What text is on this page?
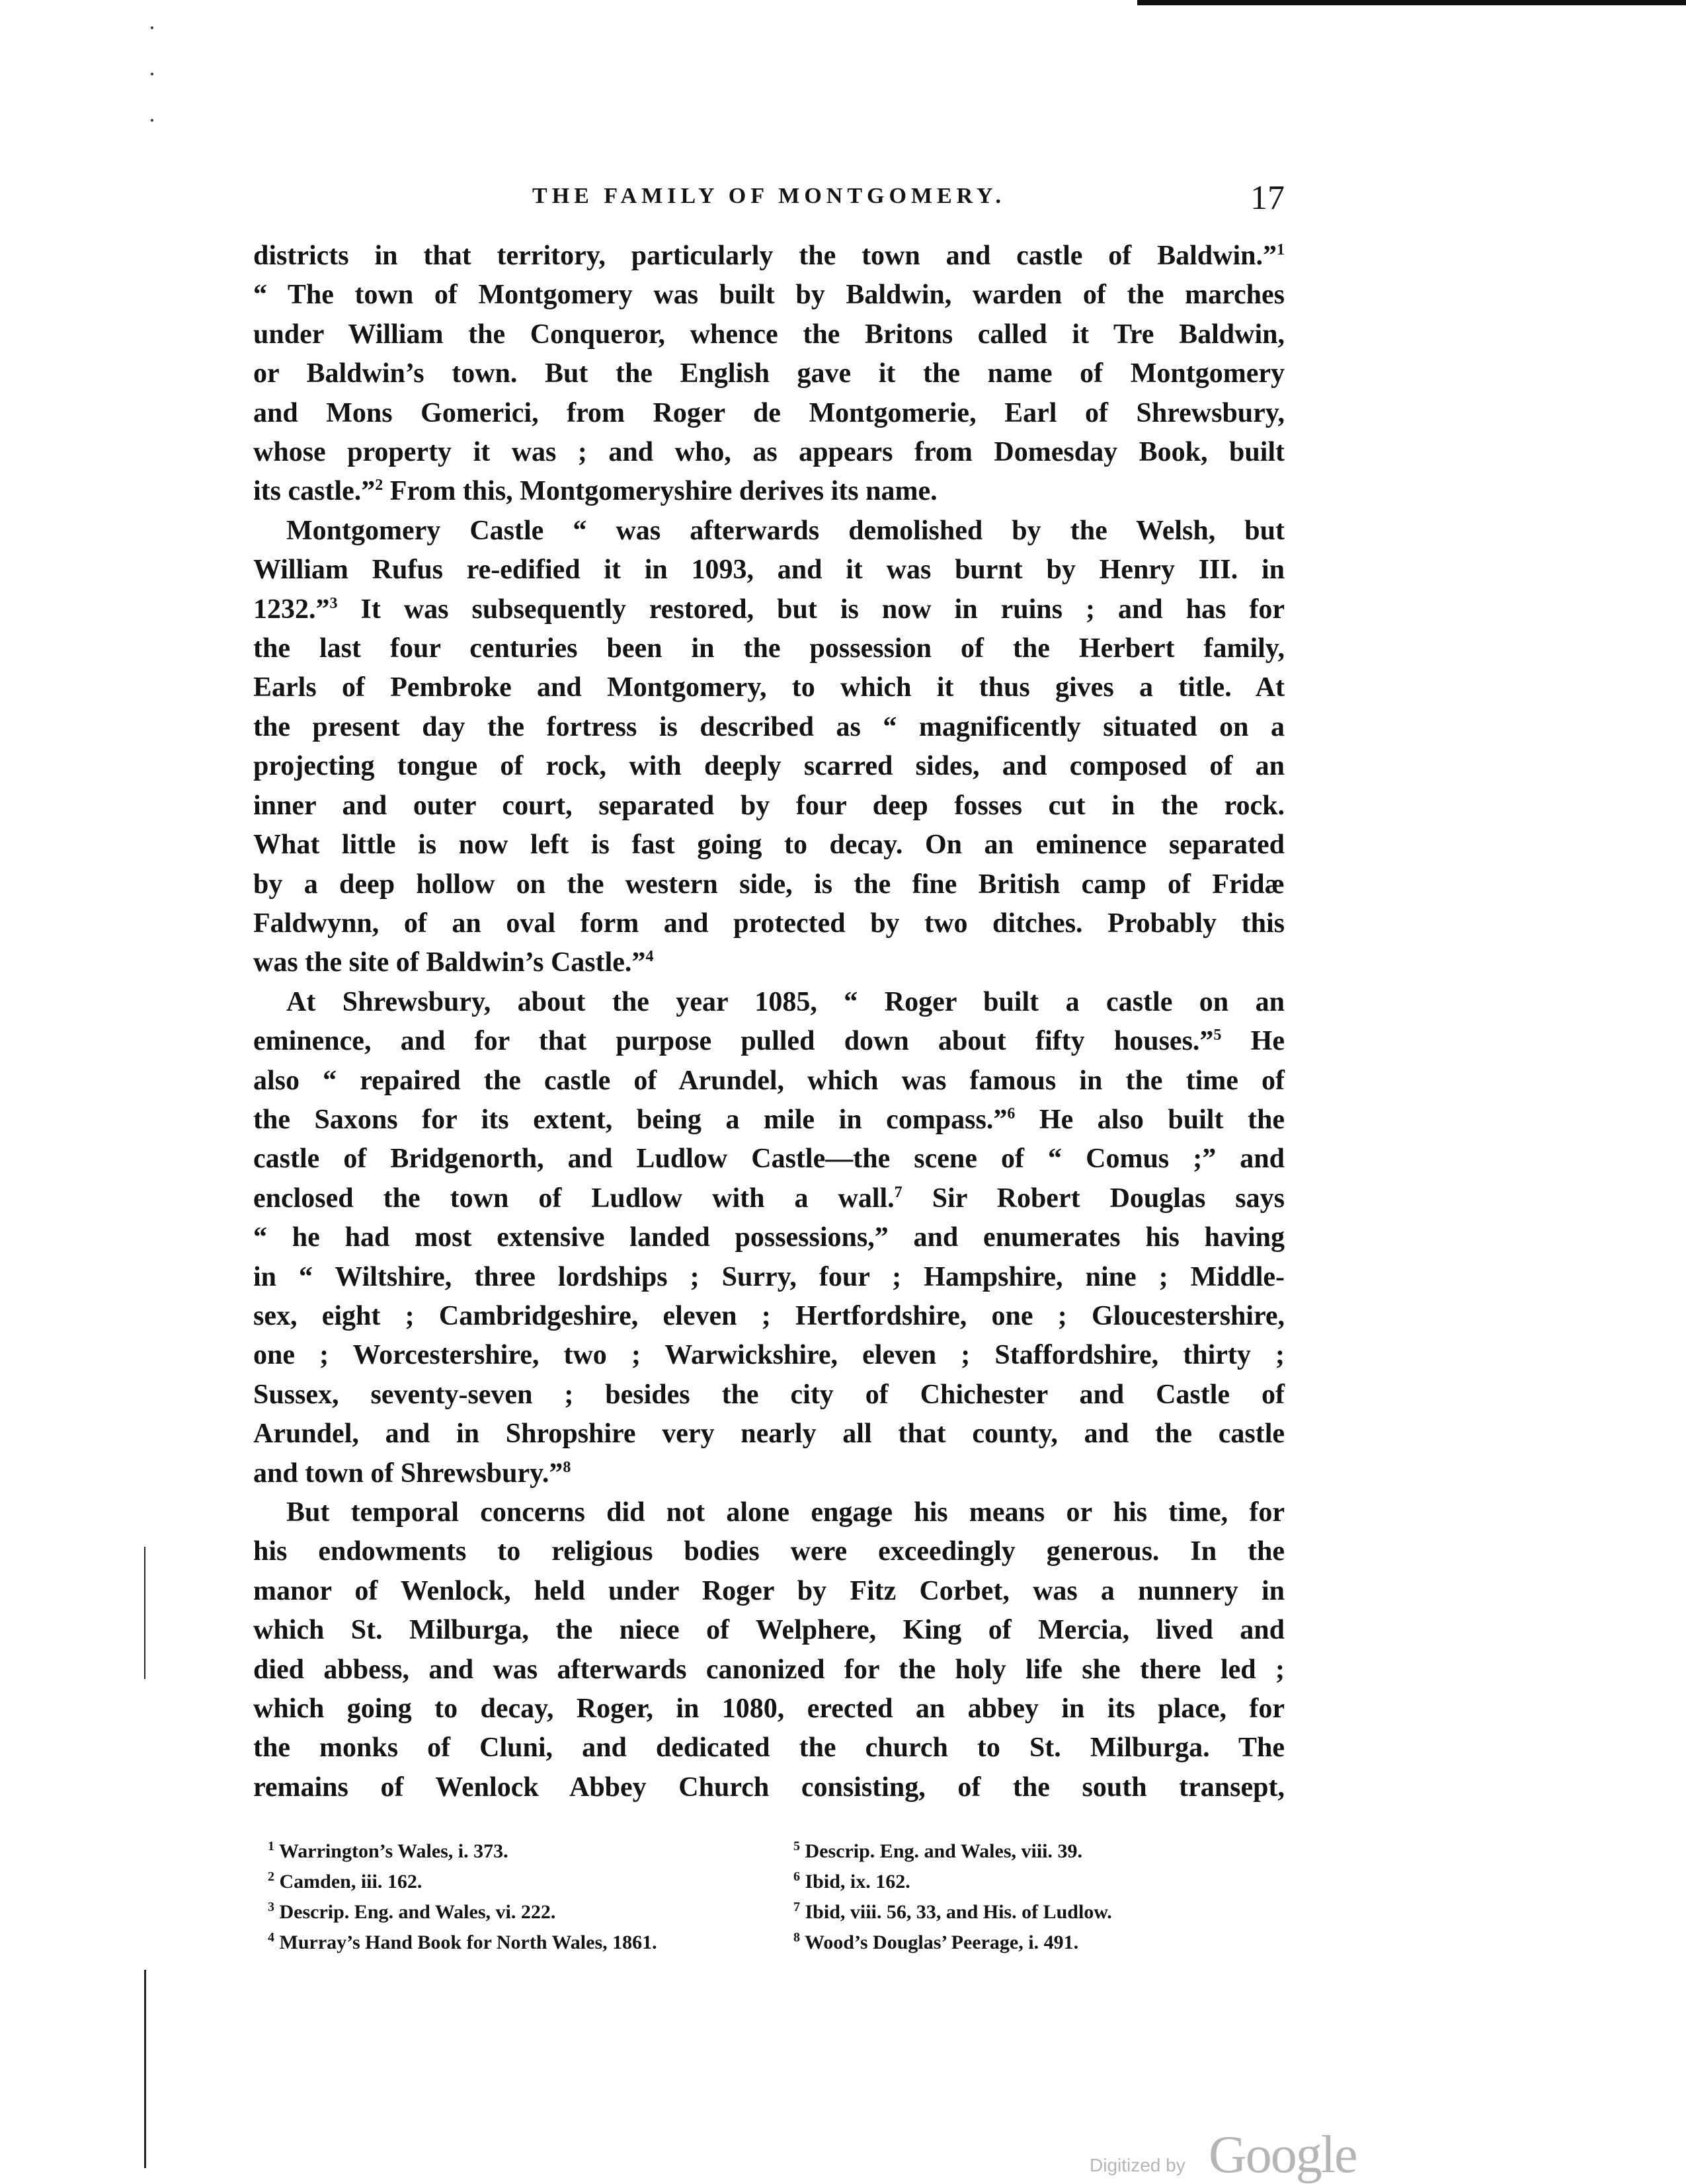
THE FAMILY OF MONTGOMERY.	17
districts in that territory, particularly the town and castle of Baldwin.”$^1$
“ The town of Montgomery was built by Baldwin, warden of the marches
under William the Conqueror, whence the Britons called it Tre Baldwin,
or Baldwin’s town. But the English gave it the name of Montgomery
and Mons Gomerici, from Roger de Montgomerie, Earl of Shrewsbury,
whose property it was ; and who, as appears from Domesday Book, built
its castle.”$^2$ From this, Montgomeryshire derives its name.
Montgomery Castle “ was afterwards demolished by the Welsh, but
William Rufus re-edified it in 1093, and it was burnt by Henry III. in
1232.”$^3$ It was subsequently restored, but is now in ruins ; and has for
the last four centuries been in the possession of the Herbert family,
Earls of Pembroke and Montgomery, to which it thus gives a title. At
the present day the fortress is described as “ magnificently situated on a
projecting tongue of rock, with deeply scarred sides, and composed of an
inner and outer court, separated by four deep fosses cut in the rock.
What little is now left is fast going to decay. On an eminence separated
by a deep hollow on the western side, is the fine British camp of Fridæ
Faldwynn, of an oval form and protected by two ditches. Probably this
was the site of Baldwin’s Castle.”$^4$
At Shrewsbury, about the year 1085, “ Roger built a castle on an
eminence, and for that purpose pulled down about fifty houses.”$^5$ He
also “ repaired the castle of Arundel, which was famous in the time of
the Saxons for its extent, being a mile in compass.”$^6$ He also built the
castle of Bridgenorth, and Ludlow Castle—the scene of “ Comus ;” and
enclosed the town of Ludlow with a wall.$^7$ Sir Robert Douglas says
“ he had most extensive landed possessions,” and enumerates his having
in “ Wiltshire, three lordships ; Surry, four ; Hampshire, nine ; Middle-
sex, eight ; Cambridgeshire, eleven ; Hertfordshire, one ; Gloucestershire,
one ; Worcestershire, two ; Warwickshire, eleven ; Staffordshire, thirty ;
Sussex, seventy-seven ; besides the city of Chichester and Castle of
Arundel, and in Shropshire very nearly all that county, and the castle
and town of Shrewsbury.”$^8$
But temporal concerns did not alone engage his means or his time, for
his endowments to religious bodies were exceedingly generous. In the
manor of Wenlock, held under Roger by Fitz Corbet, was a nunnery in
which St. Milburga, the niece of Welphere, King of Mercia, lived and
died abbess, and was afterwards canonized for the holy life she there led ;
which going to decay, Roger, in 1080, erected an abbey in its place, for
the monks of Cluni, and dedicated the church to St. Milburga. The
remains of Wenlock Abbey Church consisting, of the south transept,
$^1$ Warrington’s Wales, i. 373.
$^2$ Camden, iii. 162.
$^3$ Descrip. Eng. and Wales, vi. 222.
$^4$ Murray’s Hand Book for North Wales, 1861.
$^5$ Descrip. Eng. and Wales, viii. 39.
$^6$ Ibid, ix. 162.
$^7$ Ibid, viii. 56, 33, and His. of Ludlow.
$^8$ Wood’s Douglas’ Peerage, i. 491.
Digitized by Google
